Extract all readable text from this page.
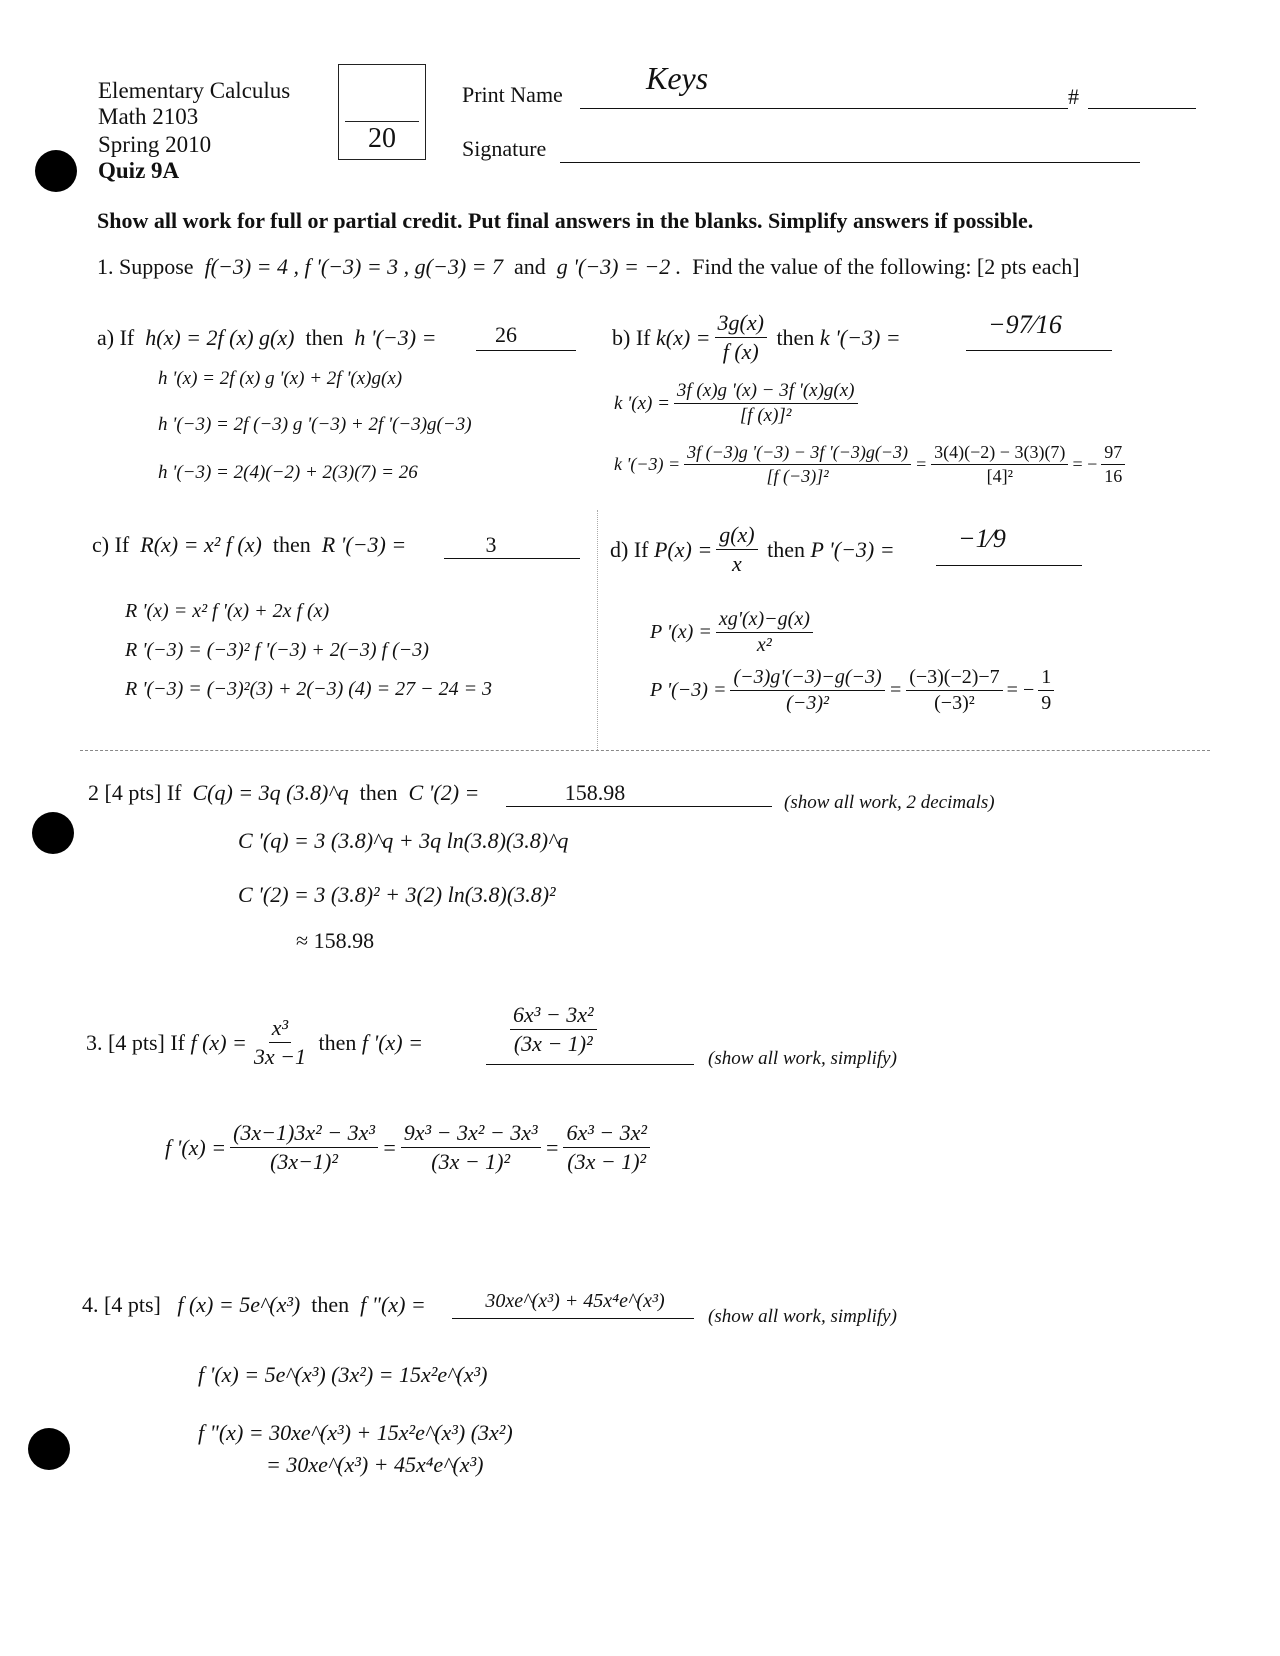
Elementary Calculus
Math 2103
Spring 2010
Quiz 9A
20
Print Name	Keys
#
Signature
Show all work for full or partial credit. Put final answers in the blanks. Simplify answers if possible.
1. Suppose f(−3) = 4 , f '(−3) = 3 , g(−3) = 7 and g '(−3) = −2 . Find the value of the following: [2 pts each]
a) If h(x) = 2f (x) g(x) then h '(−3) =	26
h '(x) = 2f (x) g '(x) + 2f '(x)g(x)
h '(−3) = 2f (−3) g '(−3) + 2f '(−3)g(−3)
h '(−3) = 2(4)(−2) + 2(3)(7) = 26
b) If
$k(x) = \frac{3g(x)}{f (x)}$
then
k '(−3) =	−97⁄16
k '$(x) = \frac{3f (x)g '(x) - 3f '(x)g(x)}{\text{[f (x)]²}}$
k '$(-3) = \frac{3f (-3)g '(-3) - 3f '(-3)g(-3)}{\text{[f (−3)]²}} = \frac{3(4)(-2) - 3(3)(7)}{\text{[4]²}}$ = − $\frac{97}{16}$
c) If R(x) = x² f (x) then R '(−3) =	3
R '(x) = x² f '(x) + 2x f (x)
R '(−3) = (−3)² f '(−3) + 2(−3) f (−3)
R '(−3) = (−3)²(3) + 2(−3) (4) = 27 − 24 = 3
d) If
$P(x) = \frac{g(x)}{x}$
then
P '(−3) = −1⁄9
P '$(x) = \frac{xg'(x)-g(x)}{\text{x²}}$
P '$(-3) = \frac{(-3)g'(-3)-g(-3)}{\text{(−3)²}} = \frac{(-3)(-2)-7}{\text{(−3)²}}$ = − $\frac{1}{9}$
2 [4 pts] If C(q) = 3q (3.8)^q then C '(2) =	158.98	(show all work, 2 decimals)
C '(q) = 3 (3.8)^q + 3q ln(3.8)(3.8)^q
C '(2) = 3 (3.8)² + 3(2) ln(3.8)(3.8)²
≈ 158.98
3. [4 pts] If
f $(x) = \frac{\text{x³}}{3x -1}$
then
f '(x) =	$\frac{\text{6x³ − 3x²}}{\text{(3x − 1)²}}$
(show all work, simplify)
f '$(x) = \frac{\text{(3x−1)3x² − 3x³}}{\text{(3x−1)²}} = \frac{\text{9x³ − 3x² − 3x³}}{\text{(3x − 1)²}} = \frac{\text{6x³ − 3x²}}{\text{(3x − 1)²}}$
4. [4 pts] f (x) = 5e^(x³) then f "(x) =	30xe^(x³) + 45x⁴e^(x³)
(show all work, simplify)
f '(x) = 5e^(x³) (3x²) = 15x²e^(x³)
f "(x) = 30xe^(x³) + 15x²e^(x³) (3x²)
= 30xe^(x³) + 45x⁴e^(x³)
